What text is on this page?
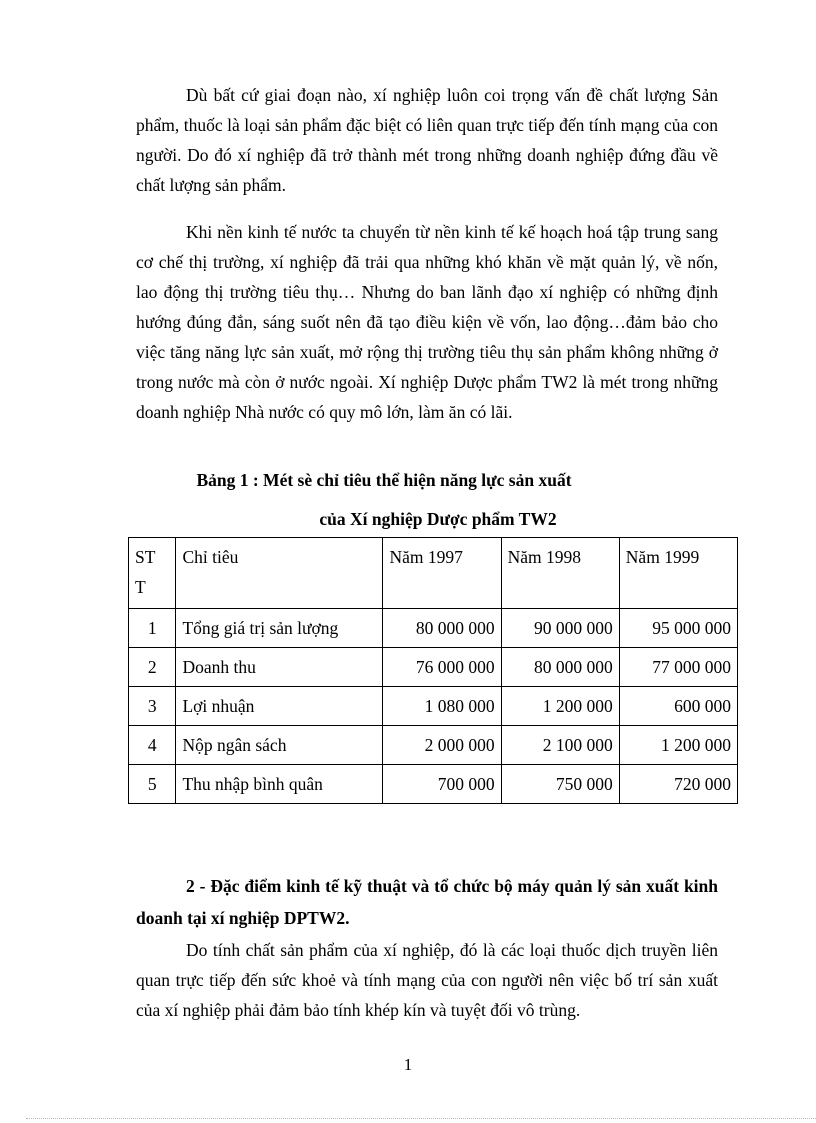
Dù bất cứ giai đoạn nào, xí nghiệp luôn coi trọng vấn đề chất lượng Sản phẩm, thuốc là loại sản phẩm đặc biệt có liên quan trực tiếp đến tính mạng của con người. Do đó xí nghiệp đã trở thành mét trong những doanh nghiệp đứng đầu về chất lượng sản phẩm.

Khi nền kinh tế nước ta chuyển từ nền kinh tế kế hoạch hoá tập trung sang cơ chế thị trường, xí nghiệp đã trải qua những khó khăn về mặt quản lý, về nốn, lao động thị trường tiêu thụ… Nhưng do ban lãnh đạo xí nghiệp có những định hướng đúng đắn, sáng suốt nên đã tạo điều kiện về vốn, lao động…đảm bảo cho việc tăng năng lực sản xuất, mở rộng thị trường tiêu thụ sản phẩm không những ở trong nước mà còn ở nước ngoài. Xí nghiệp Dược phẩm TW2 là mét trong những doanh nghiệp Nhà nước có quy mô lớn, làm ăn có lãi.

Bảng 1 : Mét sè chỉ tiêu thể hiện năng lực sản xuất

của Xí nghiệp Dược phẩm TW2

ST T	Chỉ tiêu	Năm 1997	Năm 1998	Năm 1999
1	Tổng giá trị sản lượng	80 000 000	90 000 000	95 000 000
2	Doanh thu	76 000 000	80 000 000	77 000 000
3	Lợi nhuận	1 080 000	1 200 000	600 000
4	Nộp ngân sách	2 000 000	2 100 000	1 200 000
5	Thu nhập bình quân	700 000	750 000	720 000

2 - Đặc điểm kinh tế kỹ thuật và tổ chức bộ máy quản lý sản xuất kinh doanh tại xí nghiệp DPTW2.

Do tính chất sản phẩm của xí nghiệp, đó là các loại thuốc dịch truyền liên quan trực tiếp đến sức khoẻ và tính mạng của con người nên việc bố trí sản xuất của xí nghiệp phải đảm bảo tính khép kín và tuyệt đối vô trùng.

1
